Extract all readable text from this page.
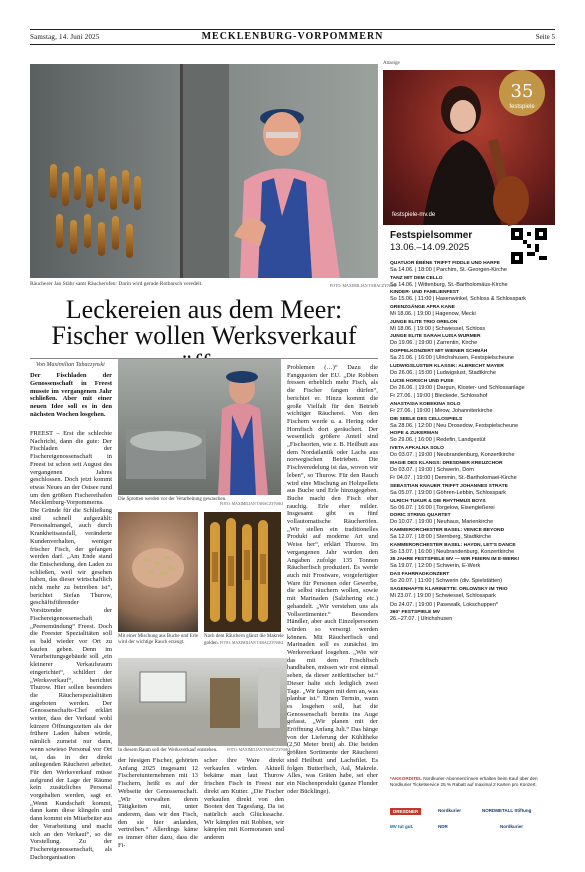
Samstag, 14. Juni 2025	MECKLENBURG-VORPOMMERN	Seite 5
Räucherer Jan Stähr samt Räucherofen: Darin wird gerade Rotbarsch veredelt.	FOTO: MAXIMILIAN TABACZYNSKI
Leckereien aus dem Meer:
Fischer wollen Werksverkauf
Von Maximilian Tabaczynski
Der Fischladen der Genossenschaft in Freest musste im vergangenen Jahr schließen. Aber mit einer neuen Idee soll es in den nächsten Wochen losgehen.
FREEST – Erst die schlechte Nachricht, dann die gute: Der Fischladen der Fischereigenossenschaft in Freest ist schon seit August des vergangenen Jahres geschlossen. Doch jetzt kommt etwas Neues an der Ostsee rund um den größten Fischereihafen Mecklenburg-Vorpommerns. Die Gründe für die Schließung sind schnell aufgezählt: Personalmangel, auch durch Krankheitsausfall, veränderte Kundenverhalten, weniger frischer Fisch, der gefangen werden darf. „Am Ende stand die Entscheidung, den Laden zu schließen, weil wir gesehen haben, das dieser wirtschaftlich nicht mehr zu betreiben ist“, berichtet Stefan Thurow, geschäftsführender Vorsitzender der Fischereigenossenschaft „Peenemündung“ Freest. Doch die Freester Spezialitäten soll es bald wieder vor Ort zu kaufen geben. Denn im Verarbeitungsgebäude soll „ein kleinerer Verkaufsraum eingerichtet“, schildert der „Werksverkauf“, berichtet Thurow. Hier sollen besonders die Räucherspezialitäten angeboten werden. Der Genossenschafts-Chef erklärt weiter, dass der Verkauf wohl kürzere Öffnungszeiten als der frühere Laden haben würde, nämlich zumeist nur dann, wenn sowieso Personal vor Ort ist, das in der direkt anliegenden Räucherei arbeitet. Für den Werksverkauf müsse aufgrund der Lage der Räume kein zusätzliches Personal vorgehalten werden, sagt er. „Wenn Kundschaft kommt, dann kann diese klingeln und dann kommt ein Mitarbeiter aus der Verarbeitung und macht sich an den Verkauf“, so die Vorstellung. Zu der Fischereigenossenschaft, als Dachorganisation
Problemen (…)“ Dazu die Fangquoten der EU. „Die Robben fressen erheblich mehr Fisch, als die Fischer fangen dürfen“, berichtet er. Hinzu kommt die große Vielfalt für den Betrieb wichtiger Räucherei. Von den Fischern werde u. a. Hering oder Hornfisch dort geräuchert. Der wesentlich größere Anteil sind „Fischsorten, wie z. B. Heilbutt aus dem Nordatlantik oder Lachs aus norwegischen Betrieben. Die Fischveredelung ist das, wovon wir leben“, so Thurow. Für den Rauch wird eine Mischung an Holzpellets aus Buche und Erle hinzugegeben. Buche macht den Fisch eher rauchig. Erle eher milder. Insgesamt gibt es fünf vollautomatische Räucheröfen. „Wir stellen ein traditionelles Produkt auf moderne Art und Weise her“, erklärt Thurow. Im vergangenen Jahr wurden den Angaben zufolge 135 Tonnen Räucherfisch produziert. Es werde auch mit Frostware, vorgefertigter Ware für Personen oder Gewerbe, die selbst räuchern wollen, sowie mit Marinaden (Salzhering etc.) gehandelt. „Wir verstehen uns als Vollsortimenter.“ Besonders Händler, aber auch Einzelpersonen würden so versorgt werden können. Mit Räucherfisch und Marinaden soll es zunächst im Werksverkauf losgehen. „Wie wir das mit dem Frischfisch handhaben, müssen wir erst einmal sehen, da dieser zeitkritischer ist.“ Dieser halte sich lediglich zwei Tage. „Wir fangen mit dem an, was planbar ist.“ Einen Termin, wann es losgehen soll, hat die Genossenschaft bereits ins Auge gefasst. „Wir planen mit der Eröffnung Anfang Juli.“ Das hänge von der Lieferung der Kühltheke (2,50 Meter breit) ab. Die beiden größten Sortimente der Räucherei sind Heilbutt und Lachsfilet. Es folgen Butterfisch, Aal, Makrele. Alles, was Gräten habe, sei eher ein Nischenprodukt (ganze Flunder oder Bücklinge).
Die Sprotten werden vor der Verarbeitung gewaschen.
FOTO: MAXIMILIAN TABACZYNSKI
Mit einer Mischung aus Buche und Erle wird der wichtige Rauch erzeugt.
Nach dem Räuchern glänzt die Makrele golden. FOTO: MAXIMILIAN TABACZYNSKI
In diesem Raum soll der Werksverkauf entstehen.	FOTO: MAXIMILIAN TABACZYNSKI
der hiesigen Fischer, gehörten Anfang 2025 insgesamt 12 Fischereiunternehmen mit 13 Fischern, heißt es auf der Webseite der Genossenschaft. „Wir verwalten deren Tätigkeiten mit, unter anderem, dass wir den Fisch, den sie hier anlanden, vertreiben.“ Allerdings käme es immer öfter dazu, dass die Fi-
scher ihre Ware direkt verkaufen würden. Aktuell bekäme man laut Thurow frischen Fisch in Freest nur direkt am Kutter. „Die Fischer verkaufen direkt von den Booten den Tagesfang. Da ist natürlich auch Glückssache. Wir kämpfen mit Robben, wir kämpfen mit Kormoranen und anderen
Anzeige
festspiele-mv.de
35
festspiele
Festspielsommer
13.06.–14.09.2025
QUATUOR ÉBÈNE TRIFFT FIDDLE UND HARFE
Sa 14.06. | 18:00 | Parchim, St.-Georgen-Kirche
TANZ MIT DEM CELLO
Sa 14.06. | Wittenburg, St.-Bartholomäus-Kirche
KINDER- UND FAMILIENFEST
So 15.06. | 11:00 | Hasenwinkel, Schloss & Schlosspark
GRENZGÄNGE AFRA KANE
Mi 18.06. | 19:00 | Hagenow, Mecki
JUNGE ELITE TRIO ORELON
Mi 18.06. | 19:00 | Schwiessel, Schloss
JUNGE ELITE SARAH LUISA WURMER
Do 19.06. | 19:00 | Zarrentin, Kirche
DOPPELKONZERT MIT WIENER SCHMÄH
Sa 21.06. | 16:00 | Ulrichshusen, Festspielscheune
LUDWIGSLUSTER KLASSIK: ALBRECHT MAYER
Do 26.06. | 15:00 | Ludwigslust, Stadtkirche
LUCIE HORSCH UND FUSE
Do 26.06. | 19:00 | Dargun, Kloster- und Schlossanlage
Fr 27.06. | 19:00 | Bleckede, Schlosshof
ANASTASIA KOBEKINA SOLO
Fr 27.06. | 19:00 | Mirow, Johanniterkirche
DIE SEELE DES CELLOSPIELS
Sa 28.06. | 12:00 | Neu Drosedow, Festspielscheune
HOPE & ZUKERMAN
So 29.06. | 16:00 | Redefin, Landgestüt
IVETA APKALNA SOLO
Do 03.07. | 19:00 | Neubrandenburg, Konzertkirche
MAGIE DES KLANGS: DRESDNER KREUZCHOR
Do 03.07. | 19:00 | Schwerin, Dom
Fr 04.07. | 19:00 | Demmin, St.-Bartholomaei-Kirche
SEBASTIAN KNAUER TRIFFT JOHANNES STRATE
Sa 05.07. | 19:00 | Göhren-Lebbin, Schlosspark
ULRICH TUKUR & DIE RHYTHMUS BOYS
So 06.07. | 16:00 | Torgelow, Eisengießerei
DORIC STRING QUARTET
Do 10.07. | 19:00 | Neuhaus, Marienkirche
KAMMERORCHESTER BASEL: VENICE BEYOND
Sa 12.07. | 18:00 | Sternberg, Stadtkirche
KAMMERORCHESTER BASEL: HAYDN, LET'S DANCE
So 13.07. | 16:00 | Neubrandenburg, Konzertkirche
35 JAHRE FESTSPIELE MV — WIR FEIERN IM E-WERK!
Sa 19.07. | 12:00 | Schwerin, E-Werk
DAS FAHRRADKONZERT
So 20.07. | 11:00 | Schwerin (div. Spielstätten)
SAGENHAFTE KLARINETTE: ORLOWSKY IM TRIO
Mi 23.07. | 19:00 | Schwiessel, Schlosspark
Do 24.07. | 19:00 | Pasewalk, Lokschuppen*
360° FESTSPIELE MV
26.–27.07. | Ulrichshusen
*AKKORDITEL Nordkurier-Abonnent:innen erhalten beim Kauf über den Nordkurier Ticketservice 25 % Rabatt auf maximal 2 Karten pro Konzert.
DRESDNER	Nordkurier	NORDMETALL Stiftung
MV tut gut.	NDR	Nordkurier
